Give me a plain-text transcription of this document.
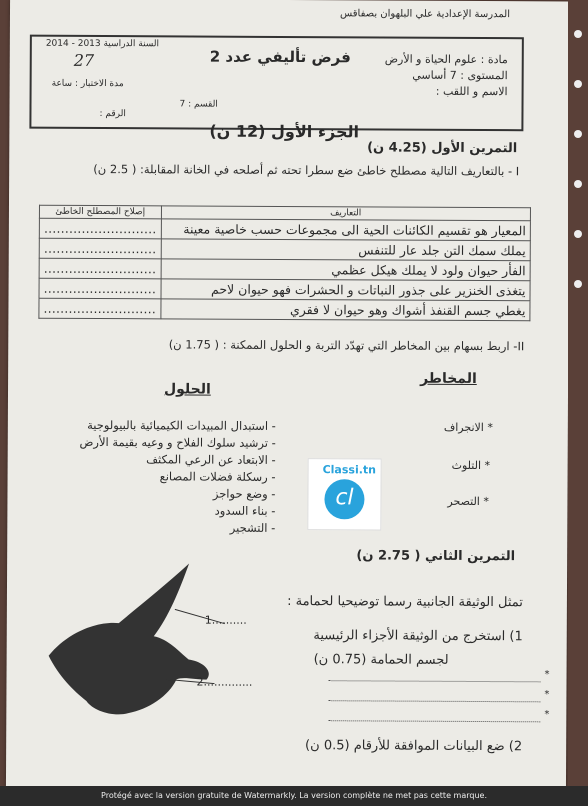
المدرسة الإعدادية علي البلهوان بصفاقس
مادة : علوم الحياة و الأرض
المستوى : 7 أساسي
الاسم و اللقب :
السنة الدراسية 2013 - 2014
27	فرض تأليفي عدد 2
مدة الاختبار : ساعة
القسم : 7
الرقم :
الجزء الأول (12 ن)
التمرين الأول (4.25 ن)
I - بالتعاريف التالية مصطلح خاطئ ضع سطرا تحته ثم أصلحه في الخانة المقابلة: ( 2.5 ن)
التعاريف	إصلاح المصطلح الخاطئ
المعيار هو تقسيم الكائنات الحية الى مجموعات حسب خاصية معينة	………………………
يملك سمك التن جلد عار للتنفس	………………………
الفأر حيوان ولود لا يملك هيكل عظمي	………………………
يتغذى الخنزير على جذور النباتات و الحشرات فهو حيوان لاحم	………………………
يغطي جسم القنفذ أشواك وهو حيوان لا فقري	………………………
II- اربط بسهام بين المخاطر التي تهدّد التربة و الحلول الممكنة : ( 1.75 ن)
المخاطر
الحلول
* الانجراف
* التلوث
* التصحر
- استبدال المبيدات الكيميائية بالبيولوجية
- ترشيد سلوك الفلاح و وعيه بقيمة الأرض
- الابتعاد عن الرعي المكثف
- رسكلة فضلات المصانع
- وضع حواجز
- بناء السدود
- التشجير
Classi.tn
cl
التمرين الثاني ( 2.75 ن)
تمثل الوثيقة الجانبية رسما توضيحيا لحمامة :
1) استخرج من الوثيقة الأجزاء الرئيسية
لجسم الحمامة (0.75 ن)
*
*
*
2) ضع البيانات الموافقة للأرقام (0.5 ن)
1..........
2..............
Protégé avec la version gratuite de Watermarkly. La version complète ne met pas cette marque.
